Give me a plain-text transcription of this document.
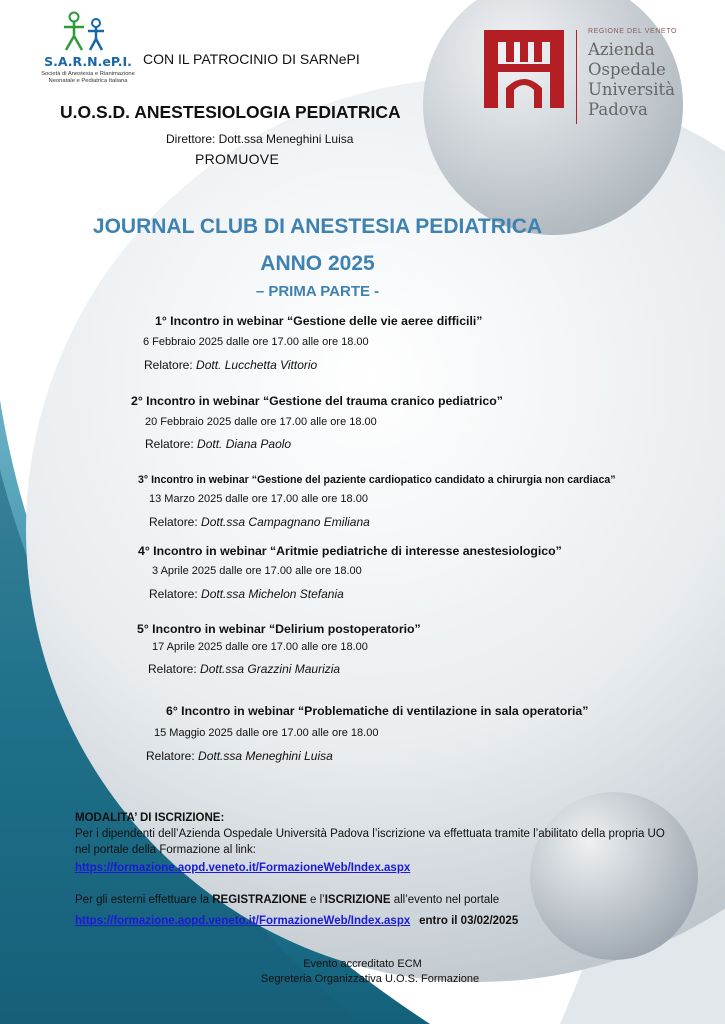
S.A.R.N.eP.I.
Società di Anestesia e Rianimazione Neonatale e Pediatrica Italiana
CON IL PATROCINIO DI SARNePI
U.O.S.D. ANESTESIOLOGIA PEDIATRICA
Direttore: Dott.ssa Meneghini Luisa
PROMUOVE
REGIONE DEL VENETO
Azienda
Ospedale
Università
Padova
JOURNAL CLUB DI ANESTESIA PEDIATRICA
ANNO 2025
– PRIMA PARTE -
1° Incontro in webinar “Gestione delle vie aeree difficili”
6 Febbraio 2025 dalle ore 17.00 alle ore 18.00
Relatore: Dott. Lucchetta Vittorio
2° Incontro in webinar “Gestione del trauma cranico pediatrico”
20 Febbraio 2025 dalle ore 17.00 alle ore 18.00
Relatore: Dott. Diana Paolo
3° Incontro in webinar “Gestione del paziente cardiopatico candidato a chirurgia non cardiaca”
13 Marzo 2025 dalle ore 17.00 alle ore 18.00
Relatore: Dott.ssa Campagnano Emiliana
4° Incontro in webinar “Aritmie pediatriche di interesse anestesiologico”
3 Aprile 2025 dalle ore 17.00 alle ore 18.00
Relatore: Dott.ssa Michelon Stefania
5° Incontro in webinar “Delirium postoperatorio”
17 Aprile 2025 dalle ore 17.00 alle ore 18.00
Relatore: Dott.ssa Grazzini Maurizia
6° Incontro in webinar “Problematiche di ventilazione in sala operatoria”
15 Maggio 2025 dalle ore 17.00 alle ore 18.00
Relatore: Dott.ssa Meneghini Luisa
MODALITA’ DI ISCRIZIONE:
Per i dipendenti dell’Azienda Ospedale Università Padova l’iscrizione va effettuata tramite l’abilitato della propria UO nel portale della Formazione al link:
https://formazione.aopd.veneto.it/FormazioneWeb/Index.aspx
Per gli esterni effettuare la REGISTRAZIONE e l’ISCRIZIONE all’evento nel portale
https://formazione.aopd.veneto.it/FormazioneWeb/Index.aspx entro il 03/02/2025
Evento accreditato ECM
Segreteria Organizzativa U.O.S. Formazione
